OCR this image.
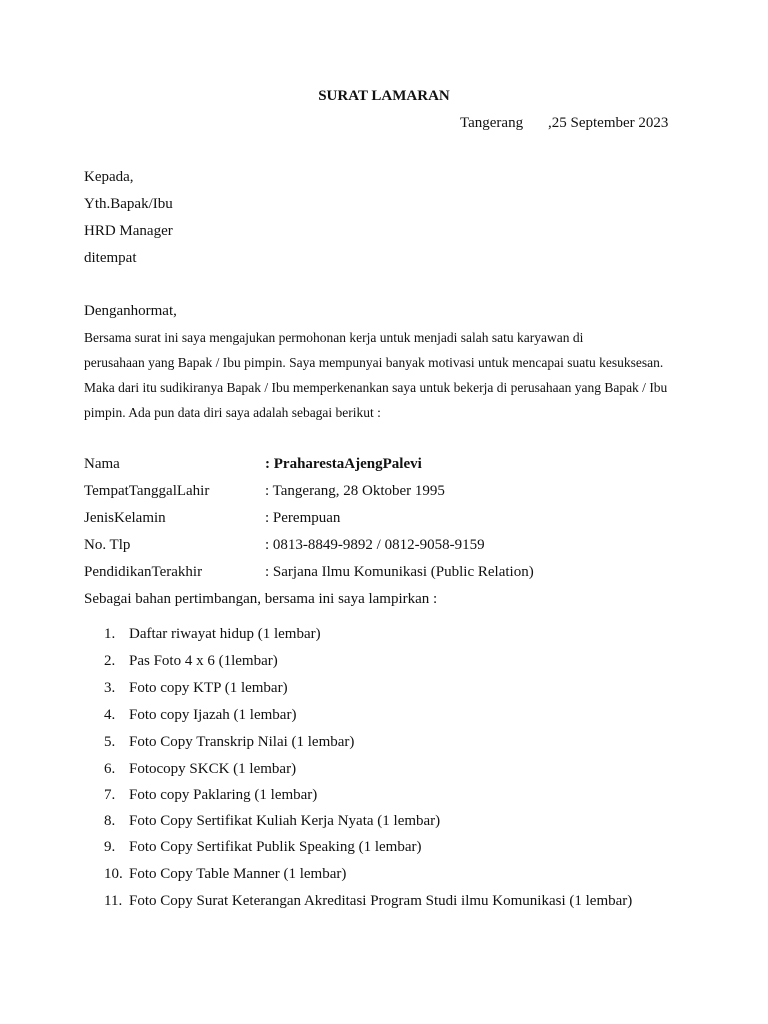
SURAT LAMARAN
Tangerang ,25 September 2023
Kepada,
Yth.Bapak/Ibu
HRD Manager
ditempat
Denganhormat,
Bersama surat ini saya mengajukan permohonan kerja untuk menjadi salah satu karyawan di
perusahaan yang Bapak / Ibu pimpin. Saya mempunyai banyak motivasi untuk mencapai suatu kesuksesan.
Maka dari itu sudikiranya Bapak / Ibu memperkenankan saya untuk bekerja di perusahaan yang Bapak / Ibu
pimpin. Ada pun data diri saya adalah sebagai berikut :
Nama	: PraharestaAjengPalevi
TempatTanggalLahir	: Tangerang, 28 Oktober 1995
JenisKelamin	: Perempuan
No. Tlp	: 0813-8849-9892 / 0812-9058-9159
PendidikanTerakhir	: Sarjana Ilmu Komunikasi (Public Relation)
Sebagai bahan pertimbangan, bersama ini saya lampirkan :
1. Daftar riwayat hidup (1 lembar)
2. Pas Foto 4 x 6 (1lembar)
3. Foto copy KTP (1 lembar)
4. Foto copy Ijazah (1 lembar)
5. Foto Copy Transkrip Nilai (1 lembar)
6. Fotocopy SKCK (1 lembar)
7. Foto copy Paklaring (1 lembar)
8. Foto Copy Sertifikat Kuliah Kerja Nyata (1 lembar)
9. Foto Copy Sertifikat Publik Speaking (1 lembar)
10. Foto Copy Table Manner (1 lembar)
11. Foto Copy Surat Keterangan Akreditasi Program Studi ilmu Komunikasi (1 lembar)
